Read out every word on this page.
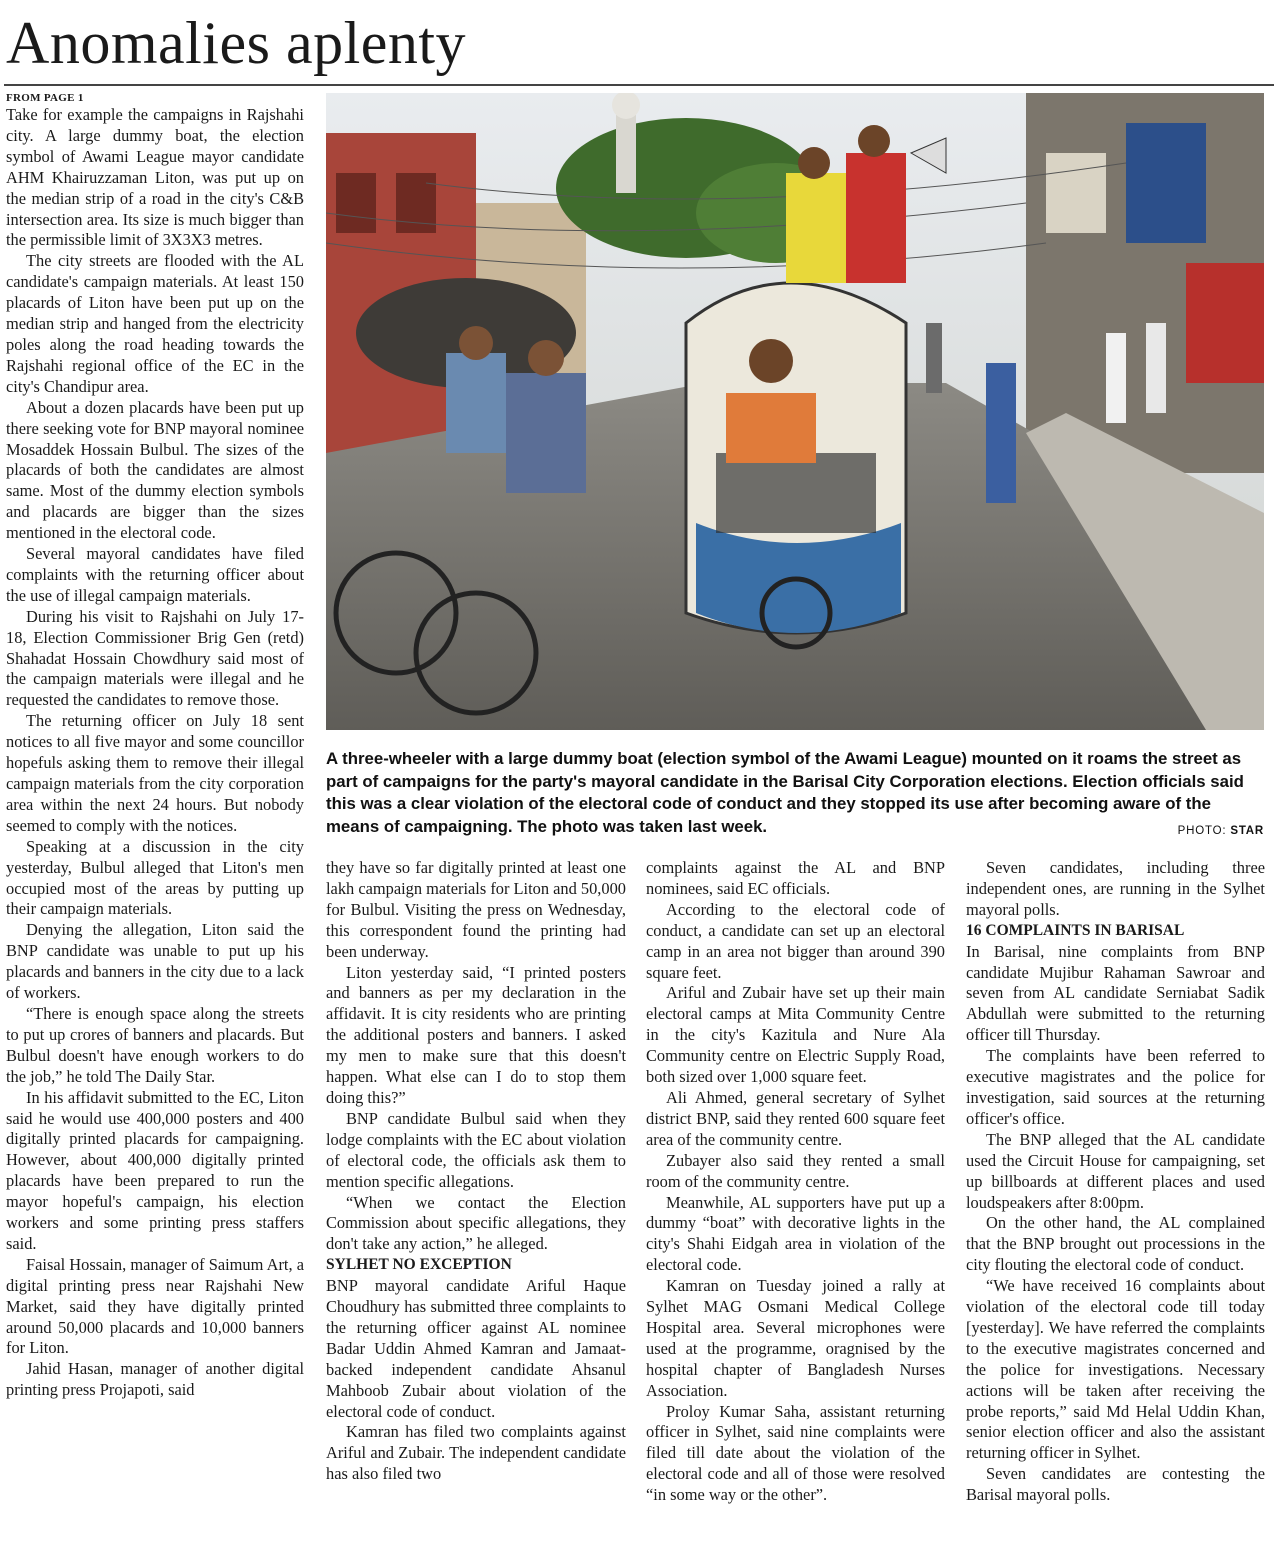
Anomalies aplenty
FROM PAGE 1

Take for example the campaigns in Rajshahi city. A large dummy boat, the election symbol of Awami League mayor candidate AHM Khairuzzaman Liton, was put up on the median strip of a road in the city's C&B intersection area. Its size is much bigger than the permissible limit of 3X3X3 metres.

The city streets are flooded with the AL candidate's campaign materials. At least 150 placards of Liton have been put up on the median strip and hanged from the electricity poles along the road heading towards the Rajshahi regional office of the EC in the city's Chandipur area.

About a dozen placards have been put up there seeking vote for BNP mayoral nominee Mosaddek Hossain Bulbul. The sizes of the placards of both the candidates are almost same. Most of the dummy election symbols and placards are bigger than the sizes mentioned in the electoral code.

Several mayoral candidates have filed complaints with the returning officer about the use of illegal campaign materials.

During his visit to Rajshahi on July 17-18, Election Commissioner Brig Gen (retd) Shahadat Hossain Chowdhury said most of the campaign materials were illegal and he requested the candidates to remove those.

The returning officer on July 18 sent notices to all five mayor and some councillor hopefuls asking them to remove their illegal campaign materials from the city corporation area within the next 24 hours. But nobody seemed to comply with the notices.

Speaking at a discussion in the city yesterday, Bulbul alleged that Liton's men occupied most of the areas by putting up their campaign materials.

Denying the allegation, Liton said the BNP candidate was unable to put up his placards and banners in the city due to a lack of workers.

“There is enough space along the streets to put up crores of banners and placards. But Bulbul doesn't have enough workers to do the job,” he told The Daily Star.

In his affidavit submitted to the EC, Liton said he would use 400,000 posters and 400 digitally printed placards for campaigning. However, about 400,000 digitally printed placards have been prepared to run the mayor hopeful's campaign, his election workers and some printing press staffers said.

Faisal Hossain, manager of Saimum Art, a digital printing press near Rajshahi New Market, said they have digitally printed around 50,000 placards and 10,000 banners for Liton.

Jahid Hasan, manager of another digital printing press Projapoti, said

A three-wheeler with a large dummy boat (election symbol of the Awami League) mounted on it roams the street as part of campaigns for the party's mayoral candidate in the Barisal City Corporation elections. Election officials said this was a clear violation of the electoral code of conduct and they stopped its use after becoming aware of the means of campaigning. The photo was taken last week.	PHOTO: STAR

they have so far digitally printed at least one lakh campaign materials for Liton and 50,000 for Bulbul. Visiting the press on Wednesday, this correspondent found the printing had been underway.

Liton yesterday said, “I printed posters and banners as per my declaration in the affidavit. It is city residents who are printing the additional posters and banners. I asked my men to make sure that this doesn't happen. What else can I do to stop them doing this?”

BNP candidate Bulbul said when they lodge complaints with the EC about violation of electoral code, the officials ask them to mention specific allegations.

“When we contact the Election Commission about specific allegations, they don't take any action,” he alleged.

SYLHET NO EXCEPTION

BNP mayoral candidate Ariful Haque Choudhury has submitted three complaints to the returning officer against AL nominee Badar Uddin Ahmed Kamran and Jamaat-backed independent candidate Ahsanul Mahboob Zubair about violation of the electoral code of conduct.

Kamran has filed two complaints against Ariful and Zubair. The independent candidate has also filed two

complaints against the AL and BNP nominees, said EC officials.

According to the electoral code of conduct, a candidate can set up an electoral camp in an area not bigger than around 390 square feet.

Ariful and Zubair have set up their main electoral camps at Mita Community Centre in the city's Kazitula and Nure Ala Community centre on Electric Supply Road, both sized over 1,000 square feet.

Ali Ahmed, general secretary of Sylhet district BNP, said they rented 600 square feet area of the community centre.

Zubayer also said they rented a small room of the community centre.

Meanwhile, AL supporters have put up a dummy “boat” with decorative lights in the city's Shahi Eidgah area in violation of the electoral code.

Kamran on Tuesday joined a rally at Sylhet MAG Osmani Medical College Hospital area. Several microphones were used at the programme, oragnised by the hospital chapter of Bangladesh Nurses Association.

Proloy Kumar Saha, assistant returning officer in Sylhet, said nine complaints were filed till date about the violation of the electoral code and all of those were resolved “in some way or the other”.

Seven candidates, including three independent ones, are running in the Sylhet mayoral polls.

16 COMPLAINTS IN BARISAL

In Barisal, nine complaints from BNP candidate Mujibur Rahaman Sawroar and seven from AL candidate Serniabat Sadik Abdullah were submitted to the returning officer till Thursday.

The complaints have been referred to executive magistrates and the police for investigation, said sources at the returning officer's office.

The BNP alleged that the AL candidate used the Circuit House for campaigning, set up billboards at different places and used loudspeakers after 8:00pm.

On the other hand, the AL complained that the BNP brought out processions in the city flouting the electoral code of conduct.

“We have received 16 complaints about violation of the electoral code till today [yesterday]. We have referred the complaints to the executive magistrates concerned and the police for investigations. Necessary actions will be taken after receiving the probe reports,” said Md Helal Uddin Khan, senior election officer and also the assistant returning officer in Sylhet.

Seven candidates are contesting the Barisal mayoral polls.
